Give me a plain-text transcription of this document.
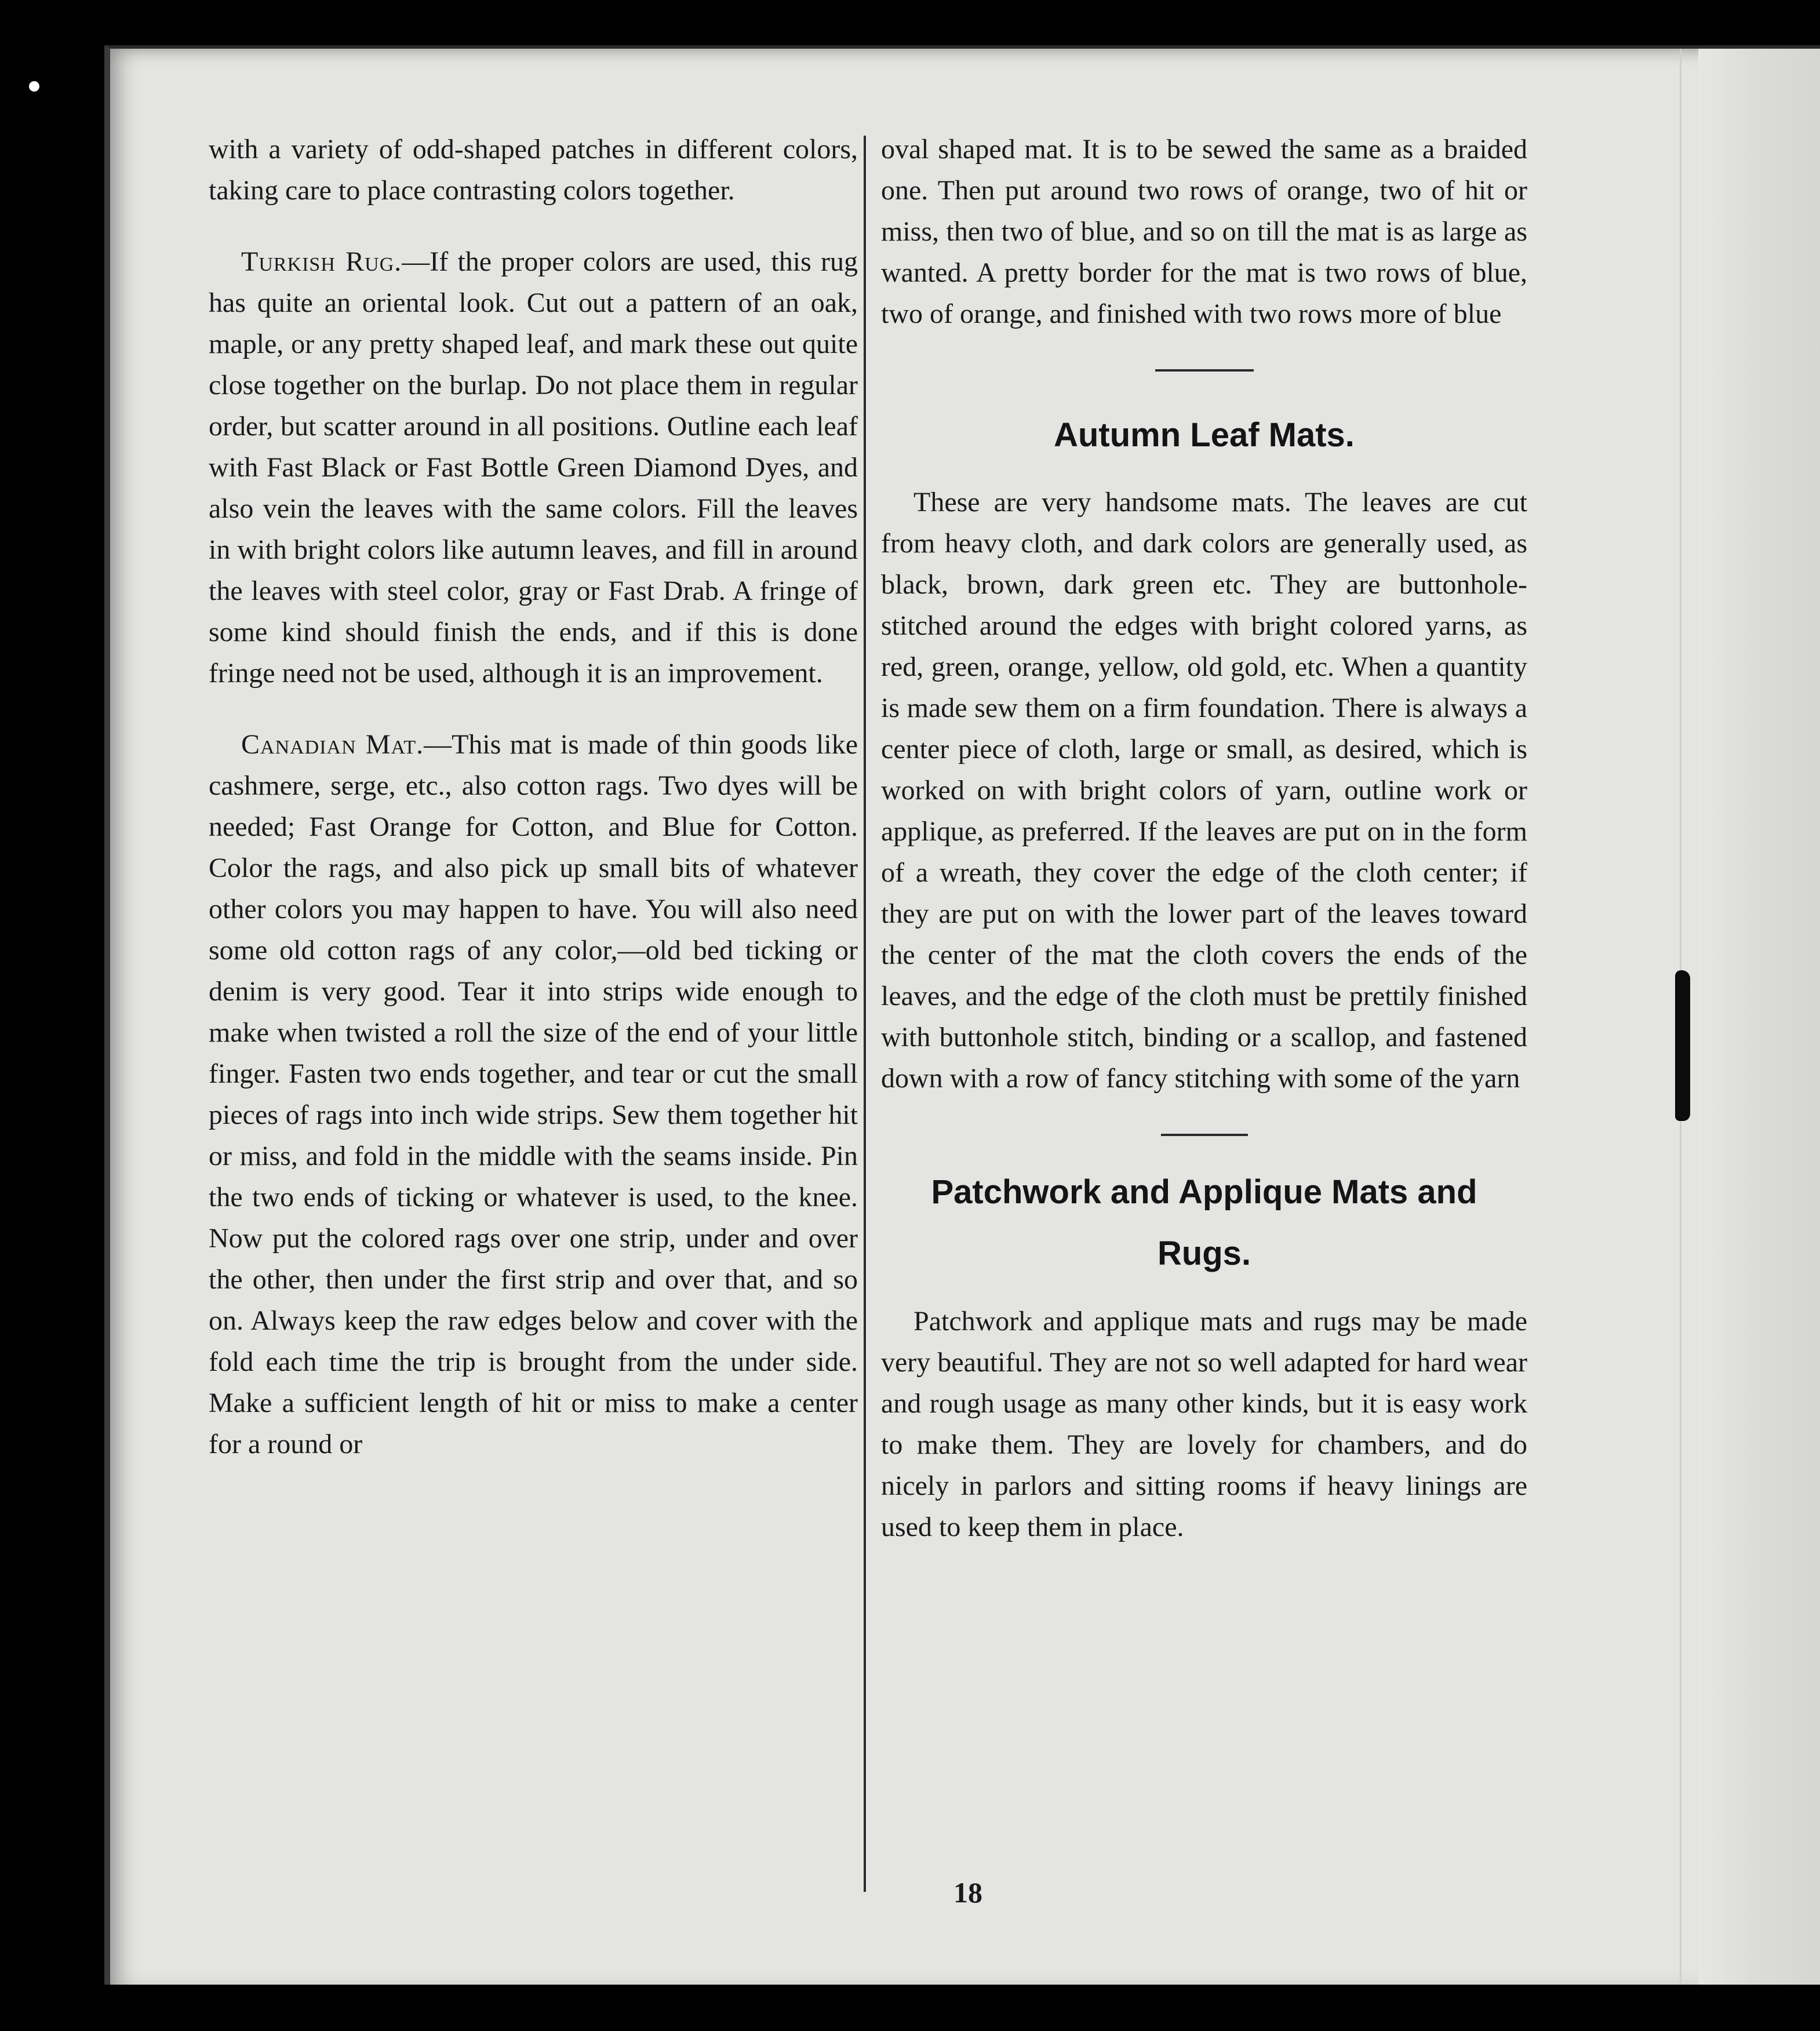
with a variety of odd-shaped patches in different colors, taking care to place contrasting colors together.

Turkish Rug.—If the proper colors are used, this rug has quite an oriental look. Cut out a pattern of an oak, maple, or any pretty shaped leaf, and mark these out quite close together on the burlap. Do not place them in regular order, but scatter around in all positions. Outline each leaf with Fast Black or Fast Bottle Green Diamond Dyes, and also vein the leaves with the same colors. Fill the leaves in with bright colors like autumn leaves, and fill in around the leaves with steel color, gray or Fast Drab. A fringe of some kind should finish the ends, and if this is done fringe need not be used, although it is an improvement.

Canadian Mat.—This mat is made of thin goods like cashmere, serge, etc., also cotton rags. Two dyes will be needed; Fast Orange for Cotton, and Blue for Cotton. Color the rags, and also pick up small bits of whatever other colors you may happen to have. You will also need some old cotton rags of any color,—old bed ticking or denim is very good. Tear it into strips wide enough to make when twisted a roll the size of the end of your little finger. Fasten two ends together, and tear or cut the small pieces of rags into inch wide strips. Sew them together hit or miss, and fold in the middle with the seams inside. Pin the two ends of ticking or whatever is used, to the knee. Now put the colored rags over one strip, under and over the other, then under the first strip and over that, and so on. Always keep the raw edges below and cover with the fold each time the trip is brought from the under side. Make a sufficient length of hit or miss to make a center for a round or

oval shaped mat. It is to be sewed the same as a braided one. Then put around two rows of orange, two of hit or miss, then two of blue, and so on till the mat is as large as wanted. A pretty border for the mat is two rows of blue, two of orange, and finished with two rows more of blue

Autumn Leaf Mats.

These are very handsome mats. The leaves are cut from heavy cloth, and dark colors are generally used, as black, brown, dark green etc. They are buttonhole-stitched around the edges with bright colored yarns, as red, green, orange, yellow, old gold, etc. When a quantity is made sew them on a firm foundation. There is always a center piece of cloth, large or small, as desired, which is worked on with bright colors of yarn, outline work or applique, as preferred. If the leaves are put on in the form of a wreath, they cover the edge of the cloth center; if they are put on with the lower part of the leaves toward the center of the mat the cloth covers the ends of the leaves, and the edge of the cloth must be prettily finished with buttonhole stitch, binding or a scallop, and fastened down with a row of fancy stitching with some of the yarn

Patchwork and Applique Mats and Rugs.

Patchwork and applique mats and rugs may be made very beautiful. They are not so well adapted for hard wear and rough usage as many other kinds, but it is easy work to make them. They are lovely for chambers, and do nicely in parlors and sitting rooms if heavy linings are used to keep them in place.

18
